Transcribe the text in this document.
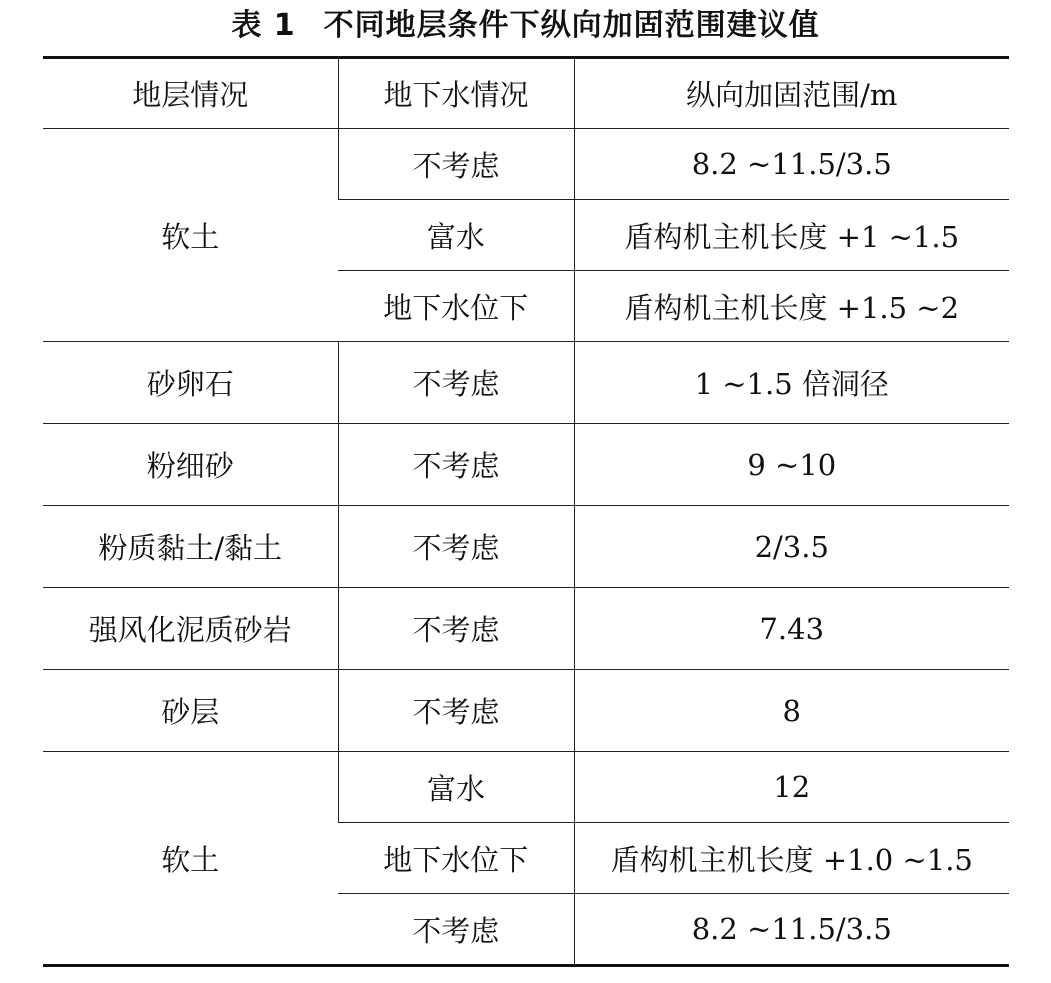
表 1 不同地层条件下纵向加固范围建议值
地层情况	地下水情况	纵向加固范围/m
软土	不考虑	8.2 ~11.5/3.5
	富水	盾构机主机长度 +1 ~1.5
	地下水位下	盾构机主机长度 +1.5 ~2
砂卵石	不考虑	1 ~1.5 倍洞径
粉细砂	不考虑	9 ~10
粉质黏土/黏土	不考虑	2/3.5
强风化泥质砂岩	不考虑	7.43
砂层	不考虑	8
软土	富水	12
	地下水位下	盾构机主机长度 +1.0 ~1.5
	不考虑	8.2 ~11.5/3.5
